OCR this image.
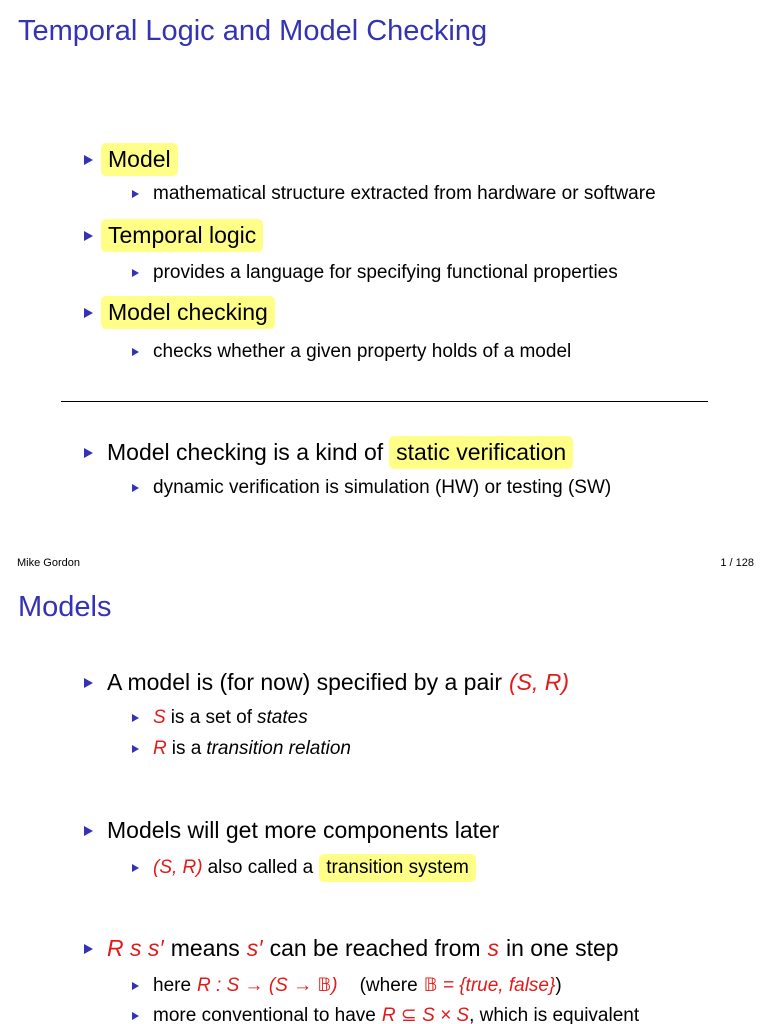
Temporal Logic and Model Checking
Model
mathematical structure extracted from hardware or software
Temporal logic
provides a language for specifying functional properties
Model checking
checks whether a given property holds of a model
Model checking is a kind of static verification
dynamic verification is simulation (HW) or testing (SW)
Mike Gordon	1 / 128
Models
A model is (for now) specified by a pair (S, R)
S is a set of states
R is a transition relation
Models will get more components later
(S, R) also called a transition system
R s s′ means s′ can be reached from s in one step
here R : S → (S → 𝔹) (where 𝔹 = {true, false} )
more conventional to have R ⊆ S × S , which is equivalent
